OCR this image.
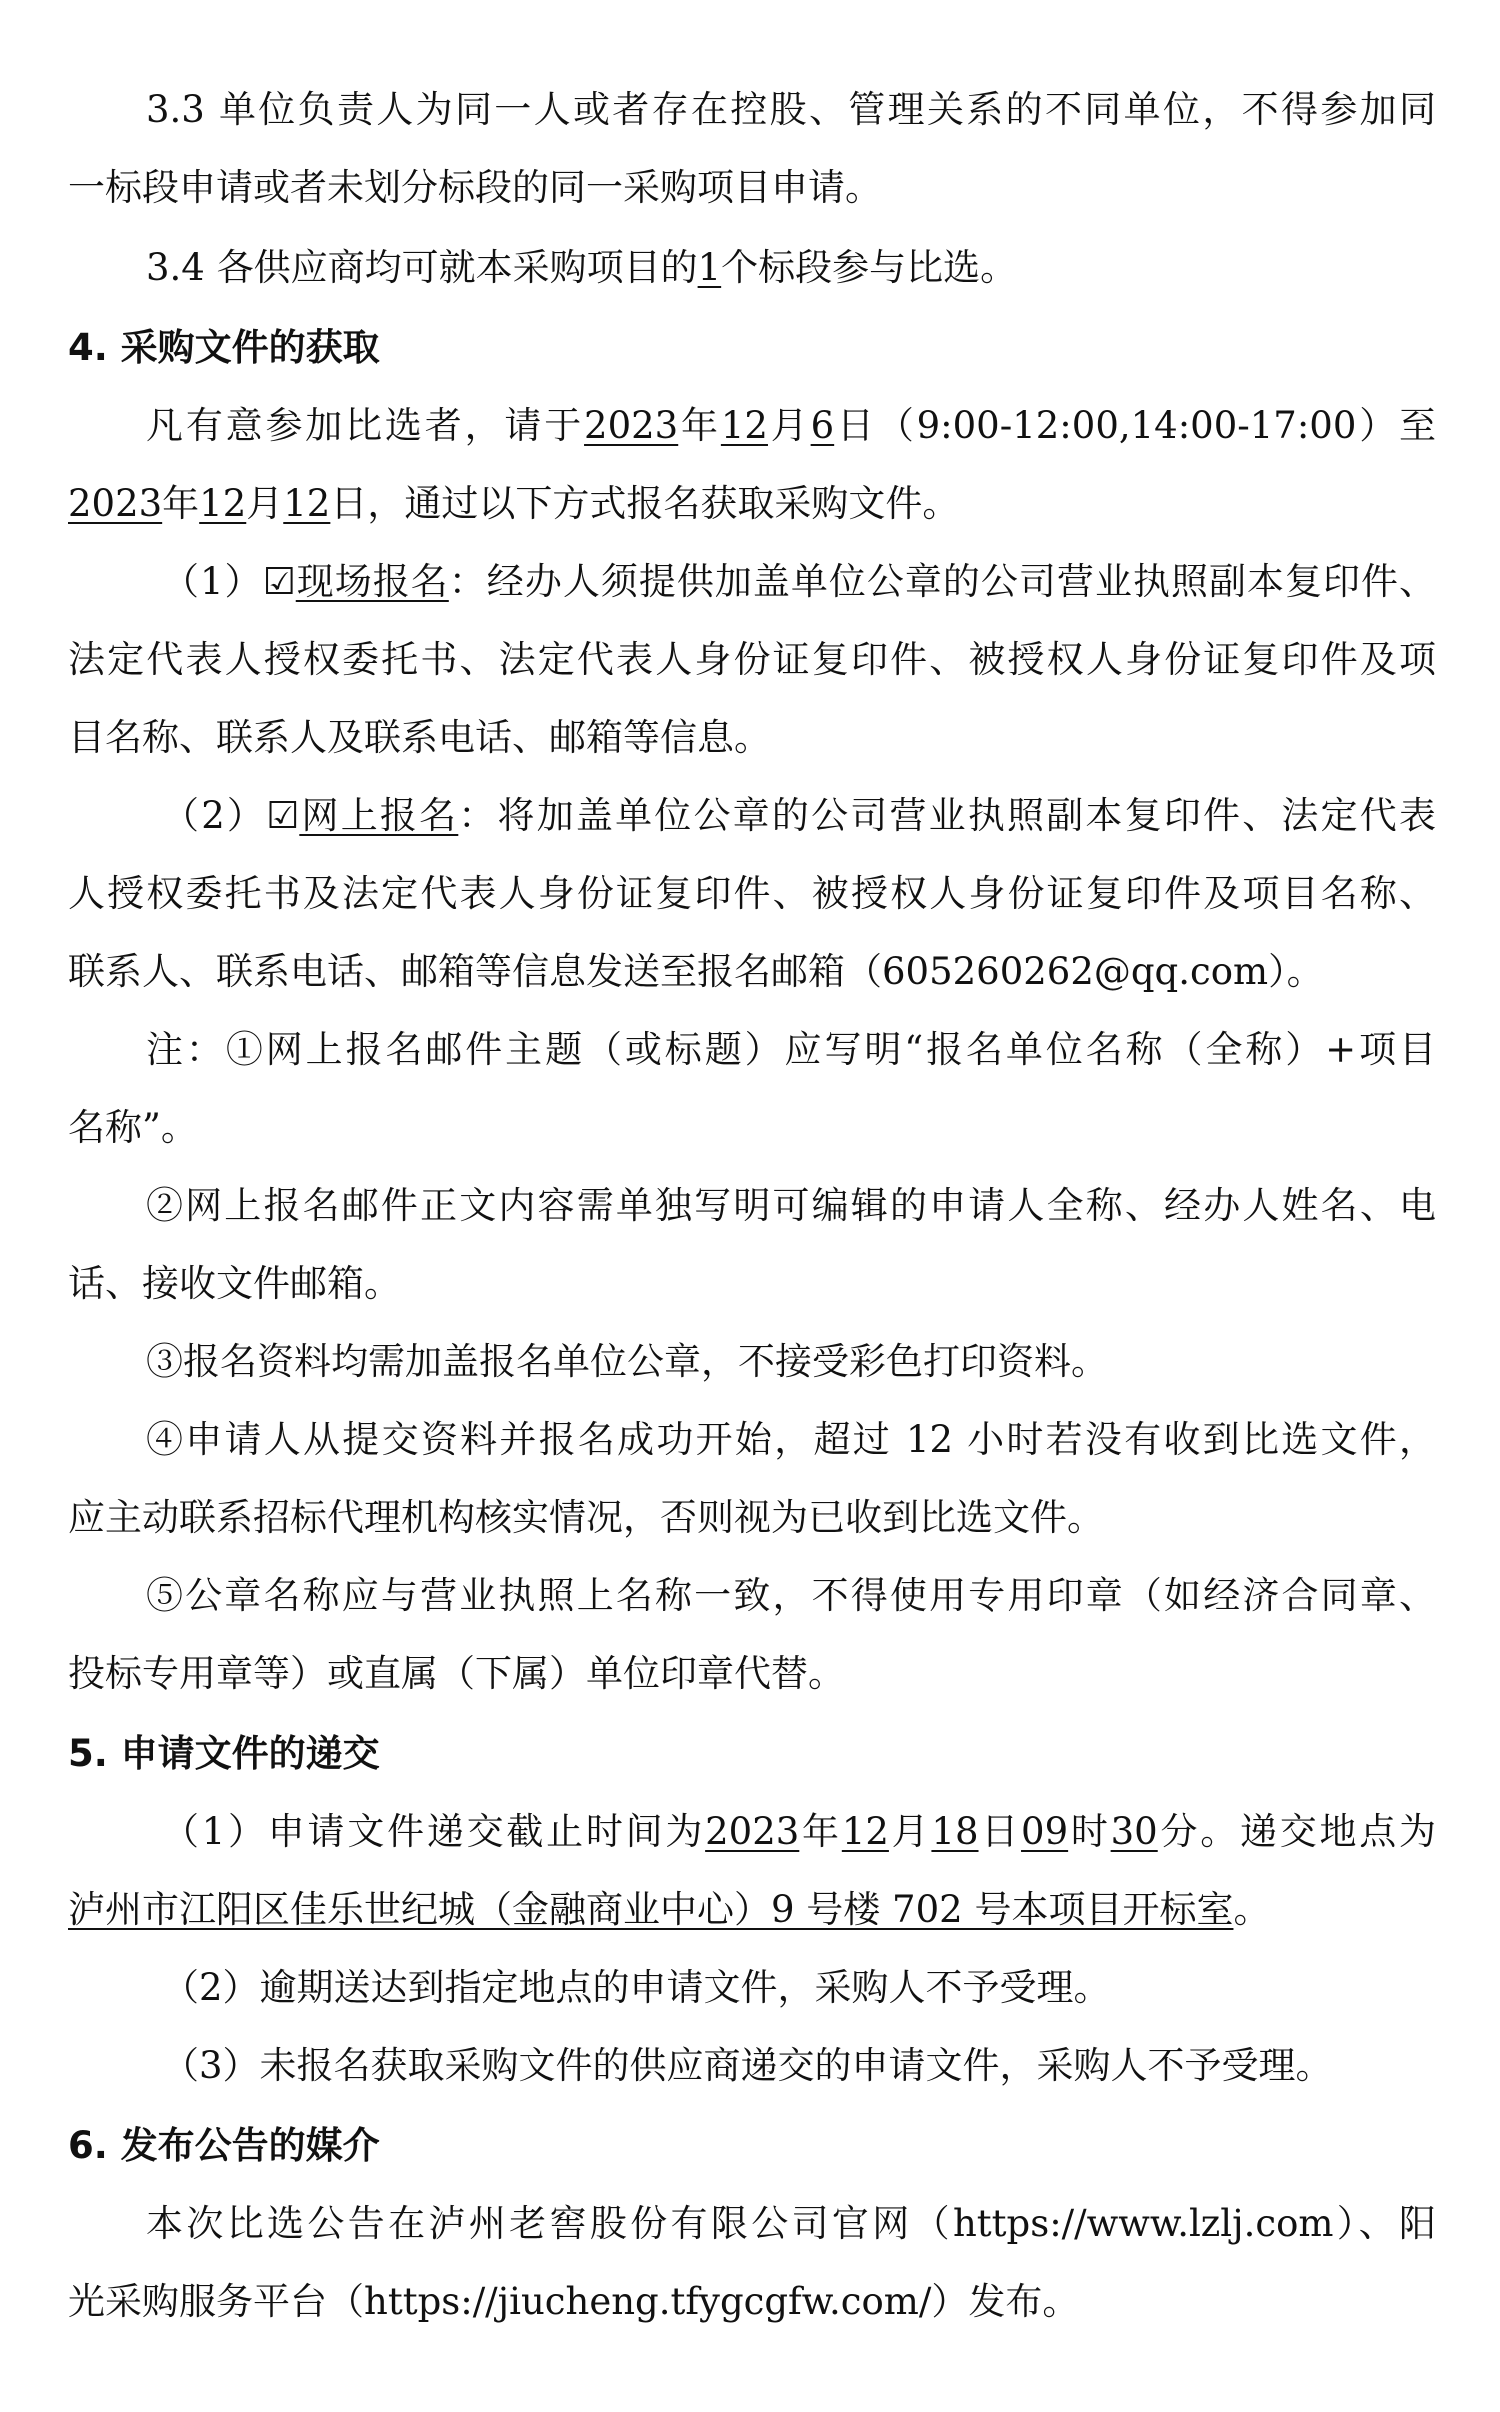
3.3 单位负责人为同一人或者存在控股、管理关系的不同单位，不得参加同
一标段申请或者未划分标段的同一采购项目申请。
3.4 各供应商均可就本采购项目的1个标段参与比选。
4. 采购文件的获取
凡有意参加比选者，请于2023年12月6日（9:00-12:00,14:00-17:00）至
2023年12月12日，通过以下方式报名获取采购文件。
（1）☑现场报名：经办人须提供加盖单位公章的公司营业执照副本复印件、
法定代表人授权委托书、法定代表人身份证复印件、被授权人身份证复印件及项
目名称、联系人及联系电话、邮箱等信息。
（2）☑网上报名：将加盖单位公章的公司营业执照副本复印件、法定代表
人授权委托书及法定代表人身份证复印件、被授权人身份证复印件及项目名称、
联系人、联系电话、邮箱等信息发送至报名邮箱（605260262@qq.com）。
注：①网上报名邮件主题（或标题）应写明“报名单位名称（全称）+项目
名称”。
②网上报名邮件正文内容需单独写明可编辑的申请人全称、经办人姓名、电
话、接收文件邮箱。
③报名资料均需加盖报名单位公章，不接受彩色打印资料。
④申请人从提交资料并报名成功开始，超过 12 小时若没有收到比选文件，
应主动联系招标代理机构核实情况，否则视为已收到比选文件。
⑤公章名称应与营业执照上名称一致，不得使用专用印章（如经济合同章、
投标专用章等）或直属（下属）单位印章代替。
5. 申请文件的递交
（1）申请文件递交截止时间为2023年12月18日09时30分。递交地点为
泸州市江阳区佳乐世纪城（金融商业中心）9 号楼 702 号本项目开标室。
（2）逾期送达到指定地点的申请文件，采购人不予受理。
（3）未报名获取采购文件的供应商递交的申请文件，采购人不予受理。
6. 发布公告的媒介
本次比选公告在泸州老窖股份有限公司官网（https://www.lzlj.com）、阳
光采购服务平台（https://jiucheng.tfygcgfw.com/）发布。
